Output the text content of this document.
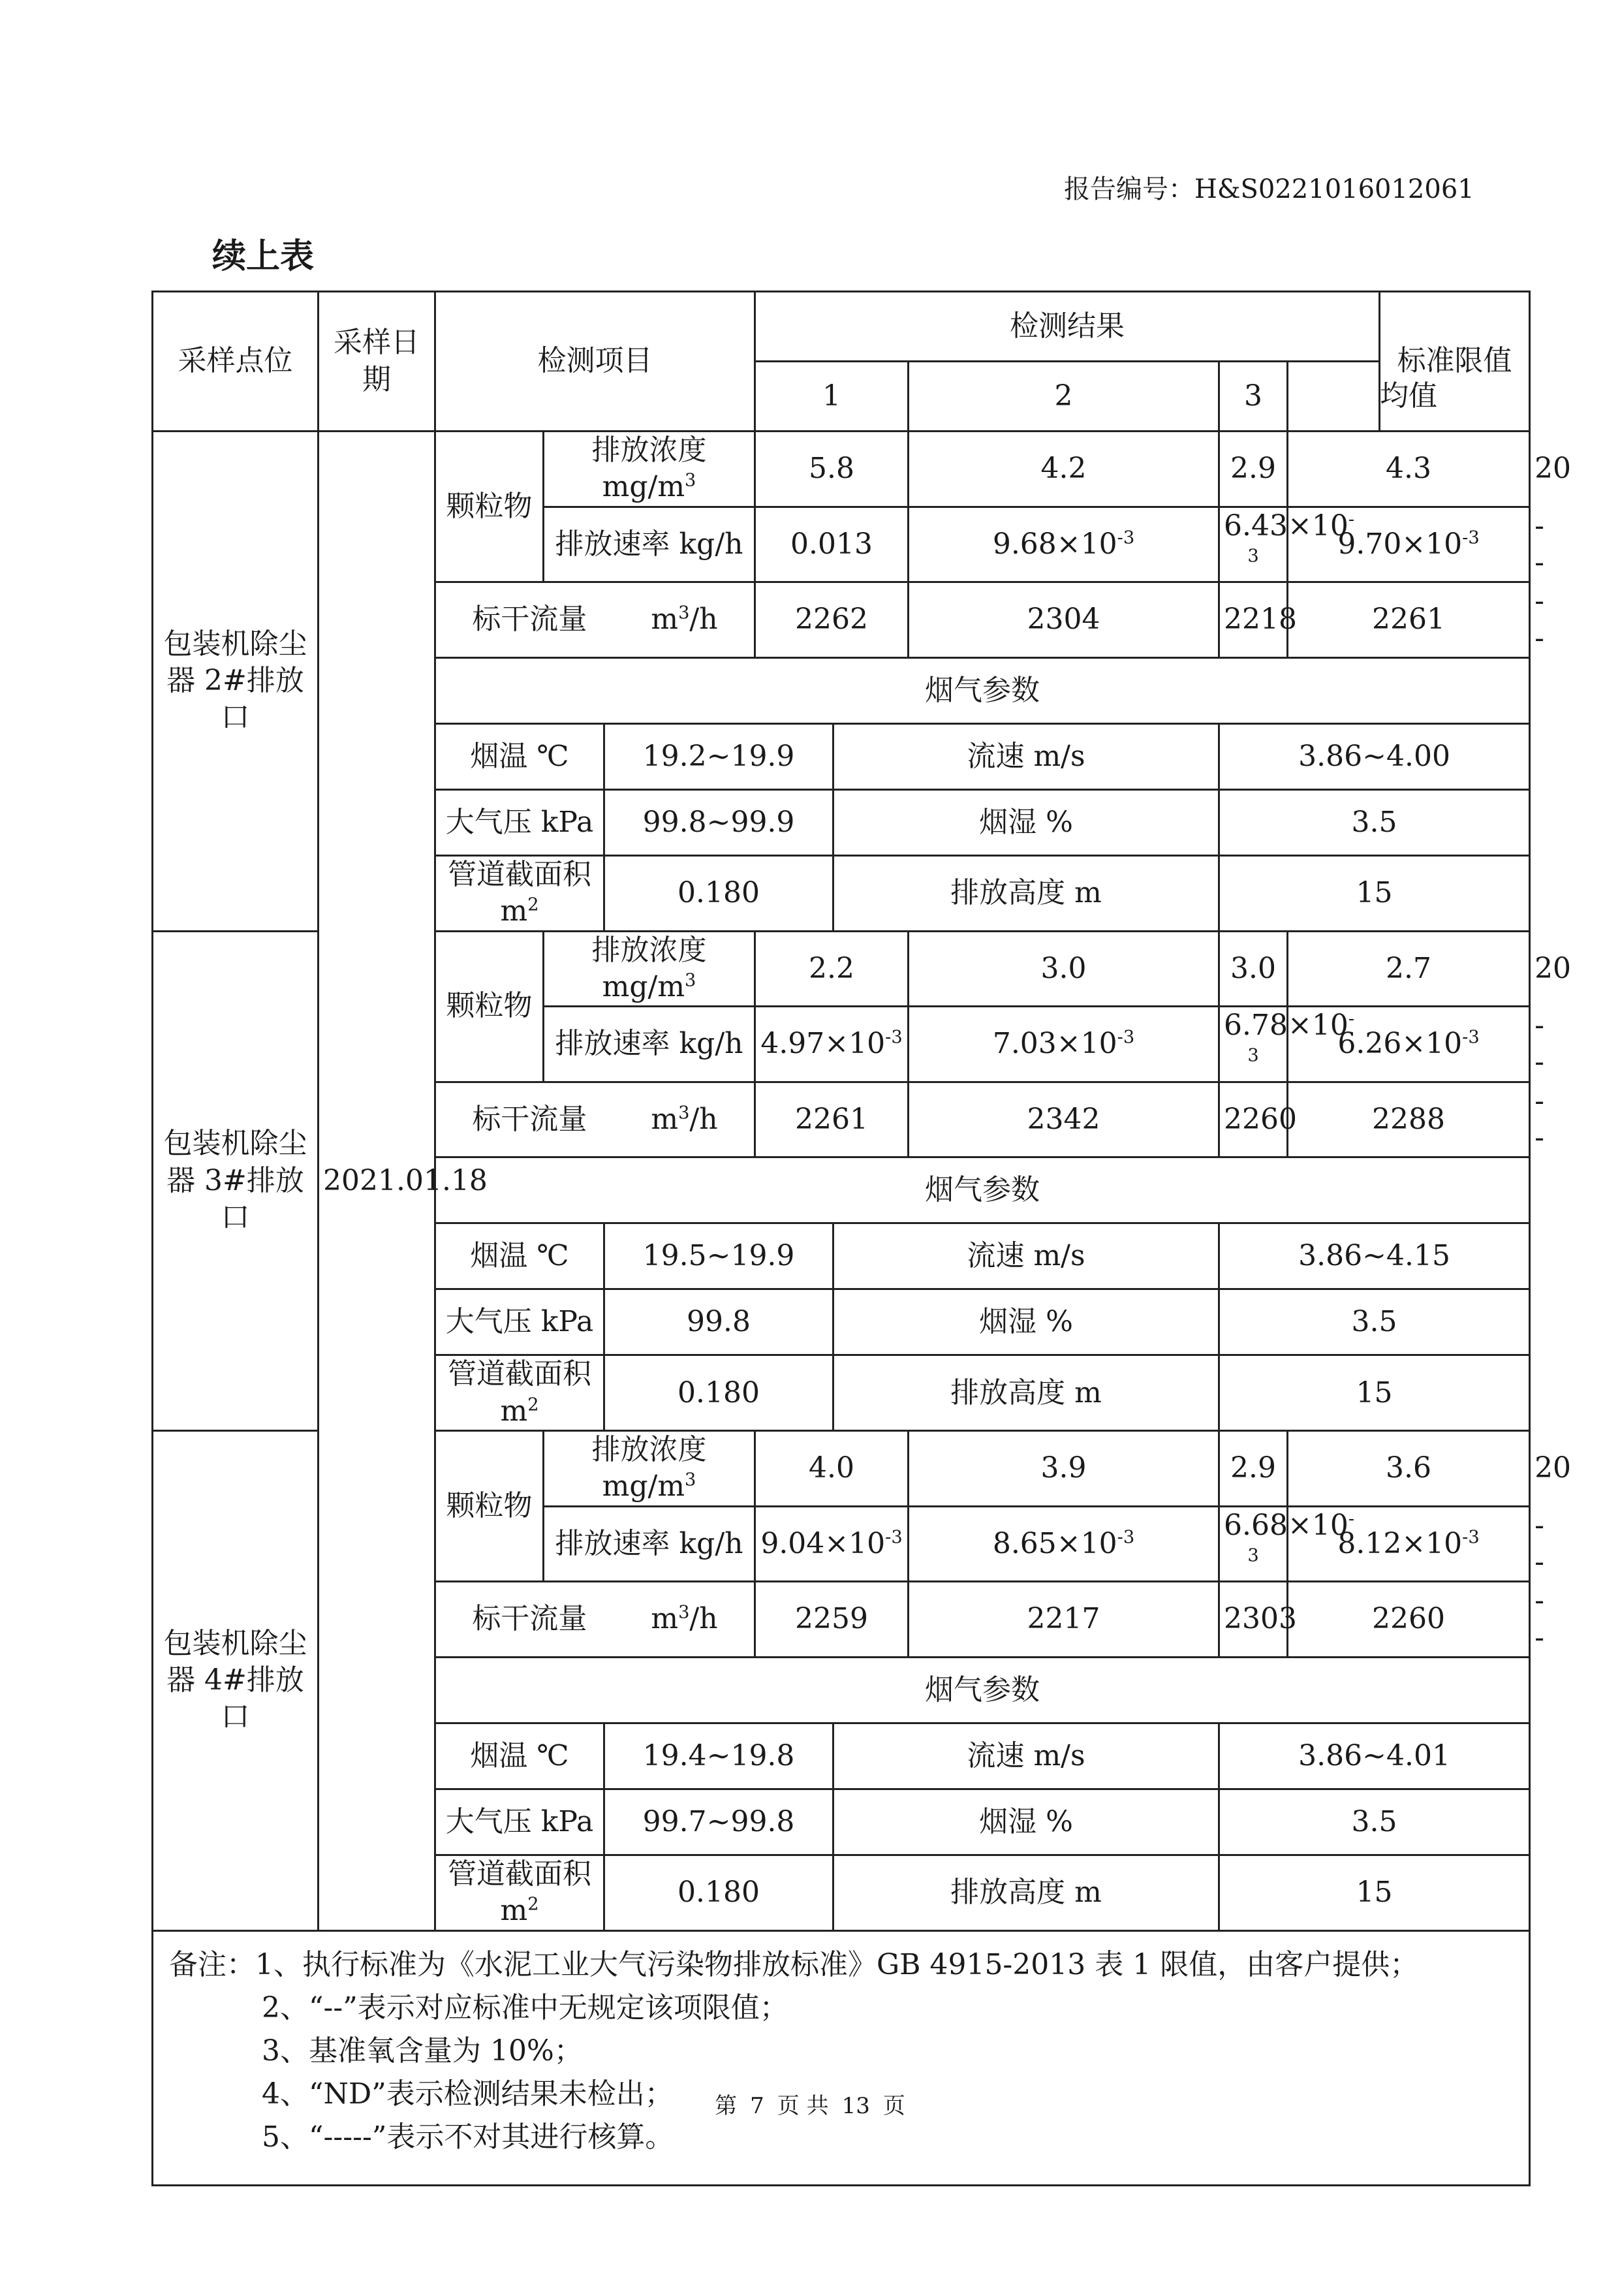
报告编号：H&S0221016012061
续上表
采样点位	采样日期	检测项目			检测结果					标准限值	
					1		2	3	均值		
包装机除尘器 2#排放口	2021.01.18	颗粒物	排放浓度 $mg/m^3$		5.8		4.2	2.9	4.3		20
			排放速率 kg/h		0.013		$9.68\times 10^{-3}$	$6.43\times 10^{-3}$	$9.70\times 10^{-3}$		--
		标干流量 $m^3/h$			2262		2304	2218	2261		--
		烟气参数									
		烟温 ℃		19.2~19.9		流速 m/s		3.86~4.00			
		大气压 kPa		99.8~99.9		烟湿 %		3.5			
		管道截面积 $m^2$		0.180		排放高度 m		15			
包装机除尘器 3#排放口		颗粒物	排放浓度 $mg/m^3$		2.2		3.0	3.0	2.7		20
			排放速率 kg/h		$4.97\times 10^{-3}$		$7.03\times 10^{-3}$	$6.78\times 10^{-3}$	$6.26\times 10^{-3}$		--
		标干流量 $m^3/h$			2261		2342	2260	2288		--
		烟气参数									
		烟温 ℃		19.5~19.9		流速 m/s		3.86~4.15			
		大气压 kPa		99.8		烟湿 %		3.5			
		管道截面积 $m^2$		0.180		排放高度 m		15			
包装机除尘器 4#排放口		颗粒物	排放浓度 $mg/m^3$		4.0		3.9	2.9	3.6		20
			排放速率 kg/h		$9.04\times 10^{-3}$		$8.65\times 10^{-3}$	$6.68\times 10^{-3}$	$8.12\times 10^{-3}$		--
		标干流量 $m^3/h$			2259		2217	2303	2260		--
		烟气参数									
		烟温 ℃		19.4~19.8		流速 m/s		3.86~4.01			
		大气压 kPa		99.7~99.8		烟湿 %		3.5			
		管道截面积 $m^2$		0.180		排放高度 m		15			

备注：1、执行标准为《水泥工业大气污染物排放标准》GB 4915-2013 表 1 限值，由客户提供；
2、“--”表示对应标准中无规定该项限值；
3、基准氧含量为 10%；
4、“ND”表示检测结果未检出；
5、“-----”表示不对其进行核算。											
第 7 页 共 13 页
